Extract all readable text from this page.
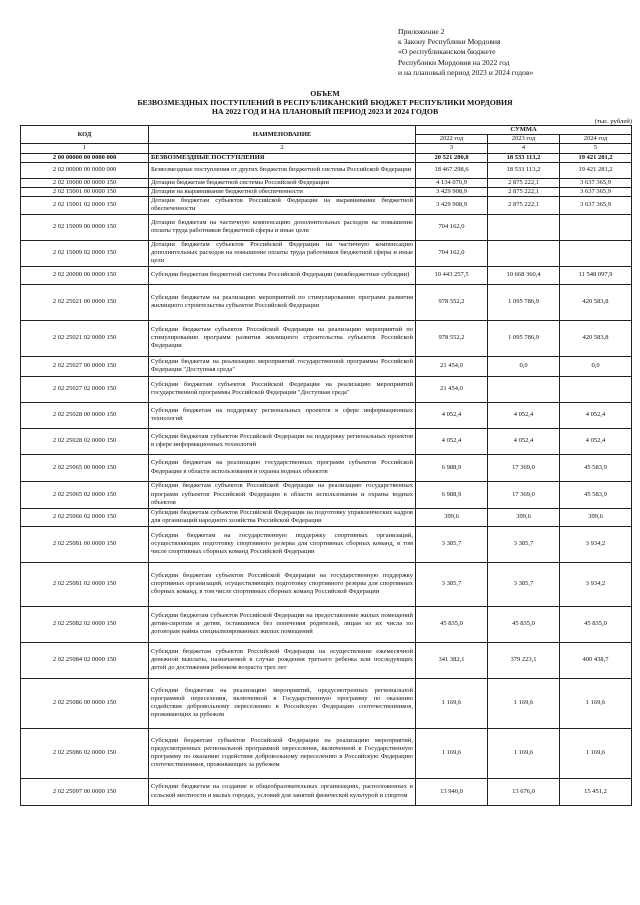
Приложение 2
к Закону Республики Мордовия
«О республиканском бюджете
Республики Мордовия на 2022 год
и на плановый период 2023 и 2024 годов»
ОБЪЕМ
БЕЗВОЗМЕЗДНЫХ ПОСТУПЛЕНИЙ В РЕСПУБЛИКАНСКИЙ БЮДЖЕТ РЕСПУБЛИКИ МОРДОВИЯ
НА 2022 ГОД И НА ПЛАНОВЫЙ ПЕРИОД 2023 И 2024 ГОДОВ
(тыс. рублей)
КОД	НАИМЕНОВАНИЕ	СУММА		
		2022 год	2023 год	2024 год
1	2	3	4	5
2 00 00000 00 0000 000	БЕЗВОЗМЕЗДНЫЕ ПОСТУПЛЕНИЯ	20 521 280,8	18 533 113,2	19 421 281,2
2 02 00000 00 0000 000	Безвозмездные поступления от других бюджетов бюджетной системы Российской Федерации	18 467 298,6	18 533 113,2	19 421 281,2
2 02 10000 00 0000 150	Дотации бюджетам бюджетной системы Российской Федерации	4 134 070,9	2 875 222,1	3 637 365,9
2 02 15001 00 0000 150	Дотации на выравнивание бюджетной обеспеченности	3 429 908,9	2 875 222,1	3 637 365,9
2 02 15001 02 0000 150	Дотации бюджетам субъектов Российской Федерации на выравнивание бюджетной обеспеченности	3 429 908,9	2 875 222,1	3 637 365,9
2 02 15009 00 0000 150	Дотации бюджетам на частичную компенсацию дополнительных расходов на повышение оплаты труда работников бюджетной сферы и иные цели	704 162,0		
2 02 15009 02 0000 150	Дотации бюджетам субъектов Российской Федерации на частичную компенсацию дополнительных расходов на повышение оплаты труда работников бюджетной сферы и иные цели	704 162,0		
2 02 20000 00 0000 150	Субсидии бюджетам бюджетной системы Российской Федерации (межбюджетные субсидии)	10 443 257,5	10 668 360,4	11 548 097,9
2 02 25021 00 0000 150	Субсидии бюджетам на реализацию мероприятий по стимулированию программ развития жилищного строительства субъектов Российской Федерации	978 552,2	1 095 786,9	420 583,8
2 02 25021 02 0000 150	Субсидии бюджетам субъектов Российской Федерации на реализацию мероприятий по стимулированию программ развития жилищного строительства субъектов Российской Федерации	978 552,2	1 095 786,9	420 583,8
2 02 25027 00 0000 150	Субсидии бюджетам на реализацию мероприятий государственной программы Российской Федерации "Доступная среда"	21 454,0	0,0	0,0
2 02 25027 02 0000 150	Субсидии бюджетам субъектов Российской Федерации на реализацию мероприятий государственной программы Российской Федерации "Доступная среда"	21 454,0		
2 02 25028 00 0000 150	Субсидии бюджетам на поддержку региональных проектов в сфере информационных технологий	4 052,4	4 052,4	4 052,4
2 02 25028 02 0000 150	Субсидии бюджетам субъектов Российской Федерации на поддержку региональных проектов в сфере информационных технологий	4 052,4	4 052,4	4 052,4
2 02 25065 00 0000 150	Субсидии бюджетам на реализацию государственных программ субъектов Российской Федерации в области использования и охраны водных объектов	6 988,9	17 369,0	45 583,9
2 02 25065 02 0000 150	Субсидии бюджетам субъектов Российской Федерации на реализацию государственных программ субъектов Российской Федерации в области использования и охраны водных объектов	6 988,9	17 369,0	45 583,9
2 02 25066 02 0000 150	Субсидии бюджетам субъектов Российской Федерации на подготовку управленческих кадров для организаций народного хозяйства Российской Федерации	399,6	399,6	399,6
2 02 25081 00 0000 150	Субсидии бюджетам на государственную поддержку спортивных организаций, осуществляющих подготовку спортивного резерва для спортивных сборных команд, в том числе спортивных сборных команд Российской Федерации	3 385,7	3 385,7	3 934,2
2 02 25081 02 0000 150	Субсидии бюджетам субъектов Российской Федерации на государственную поддержку спортивных организаций, осуществляющих подготовку спортивного резерва для спортивных сборных команд, в том числе спортивных сборных команд Российской Федерации	3 385,7	3 385,7	3 934,2
2 02 25082 02 0000 150	Субсидии бюджетам субъектов Российской Федерации на предоставление жилых помещений детям-сиротам и детям, оставшимся без попечения родителей, лицам из их числа по договорам найма специализированных жилых помещений	45 835,0	45 835,0	45 835,0
2 02 25084 02 0000 150	Субсидии бюджетам субъектов Российской Федерации на осуществление ежемесячной денежной выплаты, назначаемой в случае рождения третьего ребенка или последующих детей до достижения ребенком возраста трех лет	341 382,1	379 223,1	400 438,7
2 02 25086 00 0000 150	Субсидии бюджетам на реализацию мероприятий, предусмотренных региональной программой переселения, включенной в Государственную программу по оказанию содействия добровольному переселению в Российскую Федерацию соотечественников, проживающих за рубежом	1 169,6	1 169,6	1 169,6
2 02 25086 02 0000 150	Субсидии бюджетам субъектов Российской Федерации на реализацию мероприятий, предусмотренных региональной программой переселения, включенной в Государственную программу по оказанию содействия добровольному переселению в Российскую Федерацию соотечественников, проживающих за рубежом	1 169,6	1 169,6	1 169,6
2 02 25097 00 0000 150	Субсидии бюджетам на создание в общеобразовательных организациях, расположенных в сельской местности и малых городах, условий для занятий физической культурой и спортом	13 940,0	13 676,0	15 451,2
